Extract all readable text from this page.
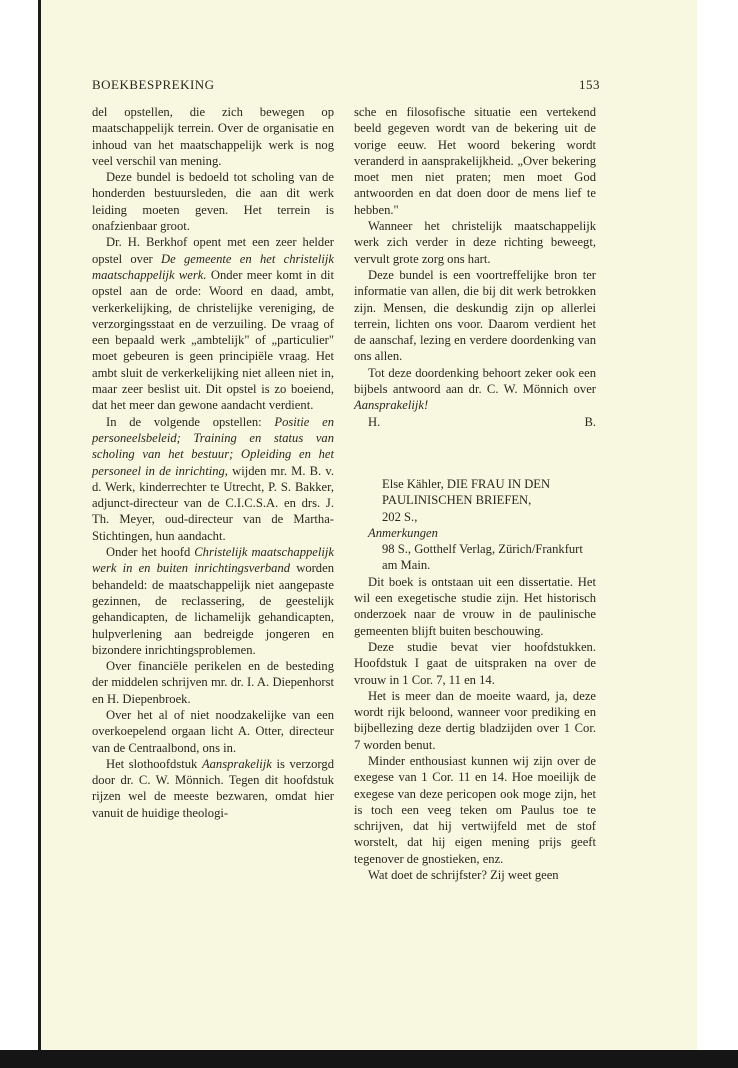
BOEKBESPREKING	153

del opstellen, die zich bewegen op maatschappelijk terrein. Over de organisatie en inhoud van het maatschappelijk werk is nog veel verschil van mening.

Deze bundel is bedoeld tot scholing van de honderden bestuursleden, die aan dit werk leiding moeten geven. Het terrein is onafzienbaar groot.

Dr. H. Berkhof opent met een zeer helder opstel over De gemeente en het christelijk maatschappelijk werk. Onder meer komt in dit opstel aan de orde: Woord en daad, ambt, verkerkelijking, de christelijke vereniging, de verzorgingsstaat en de verzuiling. De vraag of een bepaald werk „ambtelijk" of „particulier" moet gebeuren is geen principiële vraag. Het ambt sluit de verkerkelijking niet alleen niet in, maar zeer beslist uit. Dit opstel is zo boeiend, dat het meer dan gewone aandacht verdient.

In de volgende opstellen: Positie en personeelsbeleid; Training en status van scholing van het bestuur; Opleiding en het personeel in de inrichting, wijden mr. M. B. v. d. Werk, kinderrechter te Utrecht, P. S. Bakker, adjunct-directeur van de C.I.C.S.A. en drs. J. Th. Meyer, oud-directeur van de Martha-Stichtingen, hun aandacht.

Onder het hoofd Christelijk maatschappelijk werk in en buiten inrichtingsverband worden behandeld: de maatschappelijk niet aangepaste gezinnen, de reclassering, de geestelijk gehandicapten, de lichamelijk gehandicapten, hulpverlening aan bedreigde jongeren en bizondere inrichtingsproblemen.

Over financiële perikelen en de besteding der middelen schrijven mr. dr. I. A. Diepenhorst en H. Diepenbroek.

Over het al of niet noodzakelijke van een overkoepelend orgaan licht A. Otter, directeur van de Centraalbond, ons in.

Het slothoofdstuk Aansprakelijk is verzorgd door dr. C. W. Mönnich. Tegen dit hoofdstuk rijzen wel de meeste bezwaren, omdat hier vanuit de huidige theologi-

sche en filosofische situatie een vertekend beeld gegeven wordt van de bekering uit de vorige eeuw. Het woord bekering wordt veranderd in aansprakelijkheid. „Over bekering moet men niet praten; men moet God antwoorden en dat doen door de mens lief te hebben."

Wanneer het christelijk maatschappelijk werk zich verder in deze richting beweegt, vervult grote zorg ons hart.

Deze bundel is een voortreffelijke bron ter informatie van allen, die bij dit werk betrokken zijn. Mensen, die deskundig zijn op allerlei terrein, lichten ons voor. Daarom verdient het de aanschaf, lezing en verdere doordenking van ons allen.

Tot deze doordenking behoort zeker ook een bijbels antwoord aan dr. C. W. Mönnich over Aansprakelijk!

H.	B.

Else Kähler, DIE FRAU IN DEN
PAULINISCHEN BRIEFEN,
202 S.,
Anmerkungen
98 S., Gotthelf Verlag, Zürich/Frankfurt am Main.

Dit boek is ontstaan uit een dissertatie. Het wil een exegetische studie zijn. Het historisch onderzoek naar de vrouw in de paulinische gemeenten blijft buiten beschouwing.

Deze studie bevat vier hoofdstukken. Hoofdstuk I gaat de uitspraken na over de vrouw in 1 Cor. 7, 11 en 14.

Het is meer dan de moeite waard, ja, deze wordt rijk beloond, wanneer voor prediking en bijbellezing deze dertig bladzijden over 1 Cor. 7 worden benut.

Minder enthousiast kunnen wij zijn over de exegese van 1 Cor. 11 en 14. Hoe moeilijk de exegese van deze pericopen ook moge zijn, het is toch een veeg teken om Paulus toe te schrijven, dat hij vertwijfeld met de stof worstelt, dat hij eigen mening prijs geeft tegenover de gnostieken, enz.

Wat doet de schrijfster? Zij weet geen
